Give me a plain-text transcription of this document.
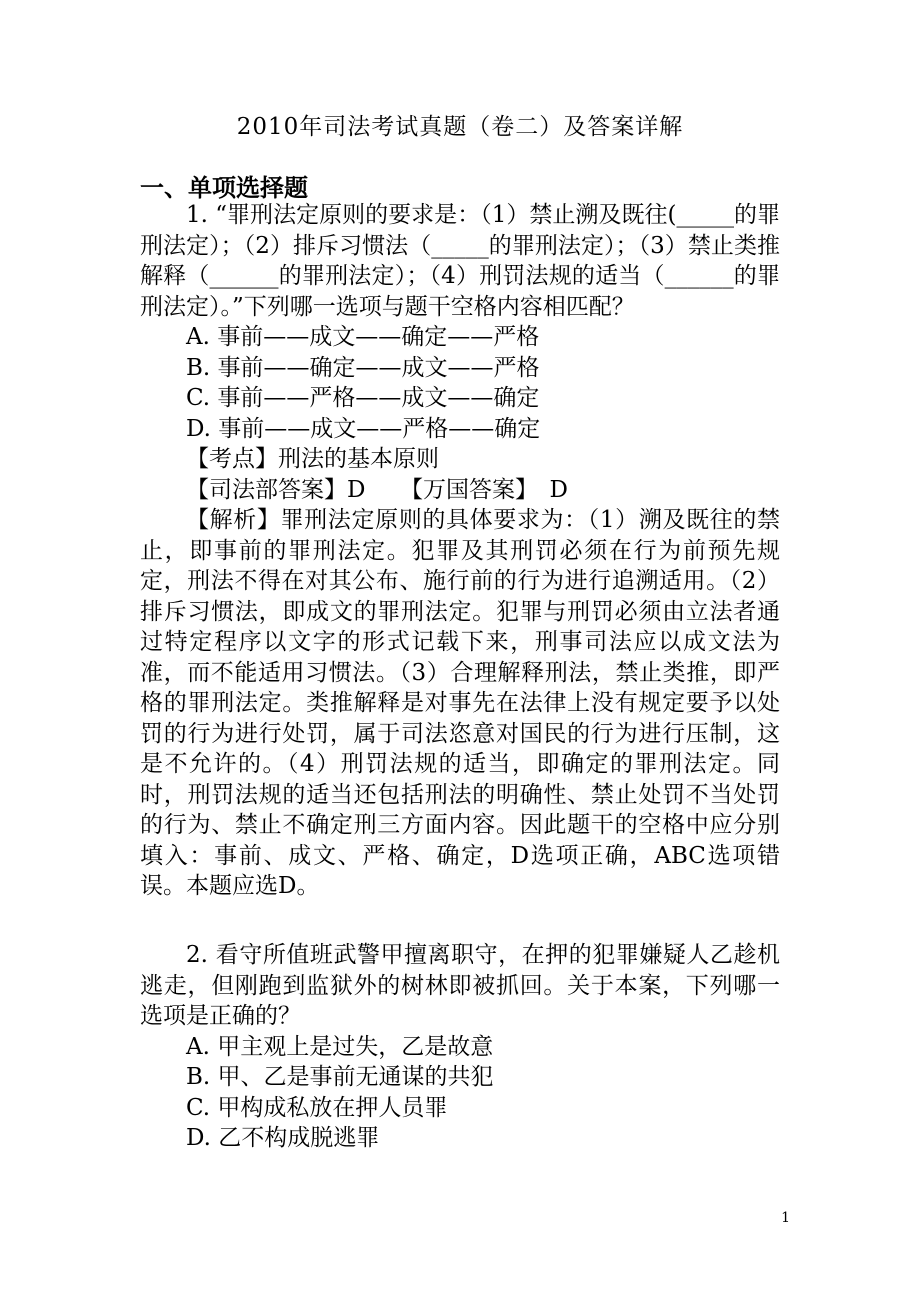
2010年司法考试真题（卷二）及答案详解
一、单项选择题

1. “罪刑法定原则的要求是：（1）禁止溯及既往(_____的罪刑法定）；（2）排斥习惯法（_____的罪刑法定）；（3）禁止类推解释（______的罪刑法定）；（4）刑罚法规的适当（______的罪刑法定）。”下列哪一选项与题干空格内容相匹配？

A. 事前——成文——确定——严格

B. 事前——确定——成文——严格

C. 事前——严格——成文——确定

D. 事前——成文——严格——确定

【考点】刑法的基本原则

【司法部答案】D　　【万国答案】　D

【解析】罪刑法定原则的具体要求为：（1）溯及既往的禁止，即事前的罪刑法定。犯罪及其刑罚必须在行为前预先规定，刑法不得在对其公布、施行前的行为进行追溯适用。（2）排斥习惯法，即成文的罪刑法定。犯罪与刑罚必须由立法者通过特定程序以文字的形式记载下来，刑事司法应以成文法为准，而不能适用习惯法。（3）合理解释刑法，禁止类推，即严格的罪刑法定。类推解释是对事先在法律上没有规定要予以处罚的行为进行处罚，属于司法恣意对国民的行为进行压制，这是不允许的。（4）刑罚法规的适当，即确定的罪刑法定。同时，刑罚法规的适当还包括刑法的明确性、禁止处罚不当处罚的行为、禁止不确定刑三方面内容。因此题干的空格中应分别填入：事前、成文、严格、确定，D选项正确，ABC选项错误。本题应选D。

2. 看守所值班武警甲擅离职守，在押的犯罪嫌疑人乙趁机逃走，但刚跑到监狱外的树林即被抓回。关于本案，下列哪一选项是正确的？

A. 甲主观上是过失，乙是故意

B. 甲、乙是事前无通谋的共犯

C. 甲构成私放在押人员罪

D. 乙不构成脱逃罪

1
